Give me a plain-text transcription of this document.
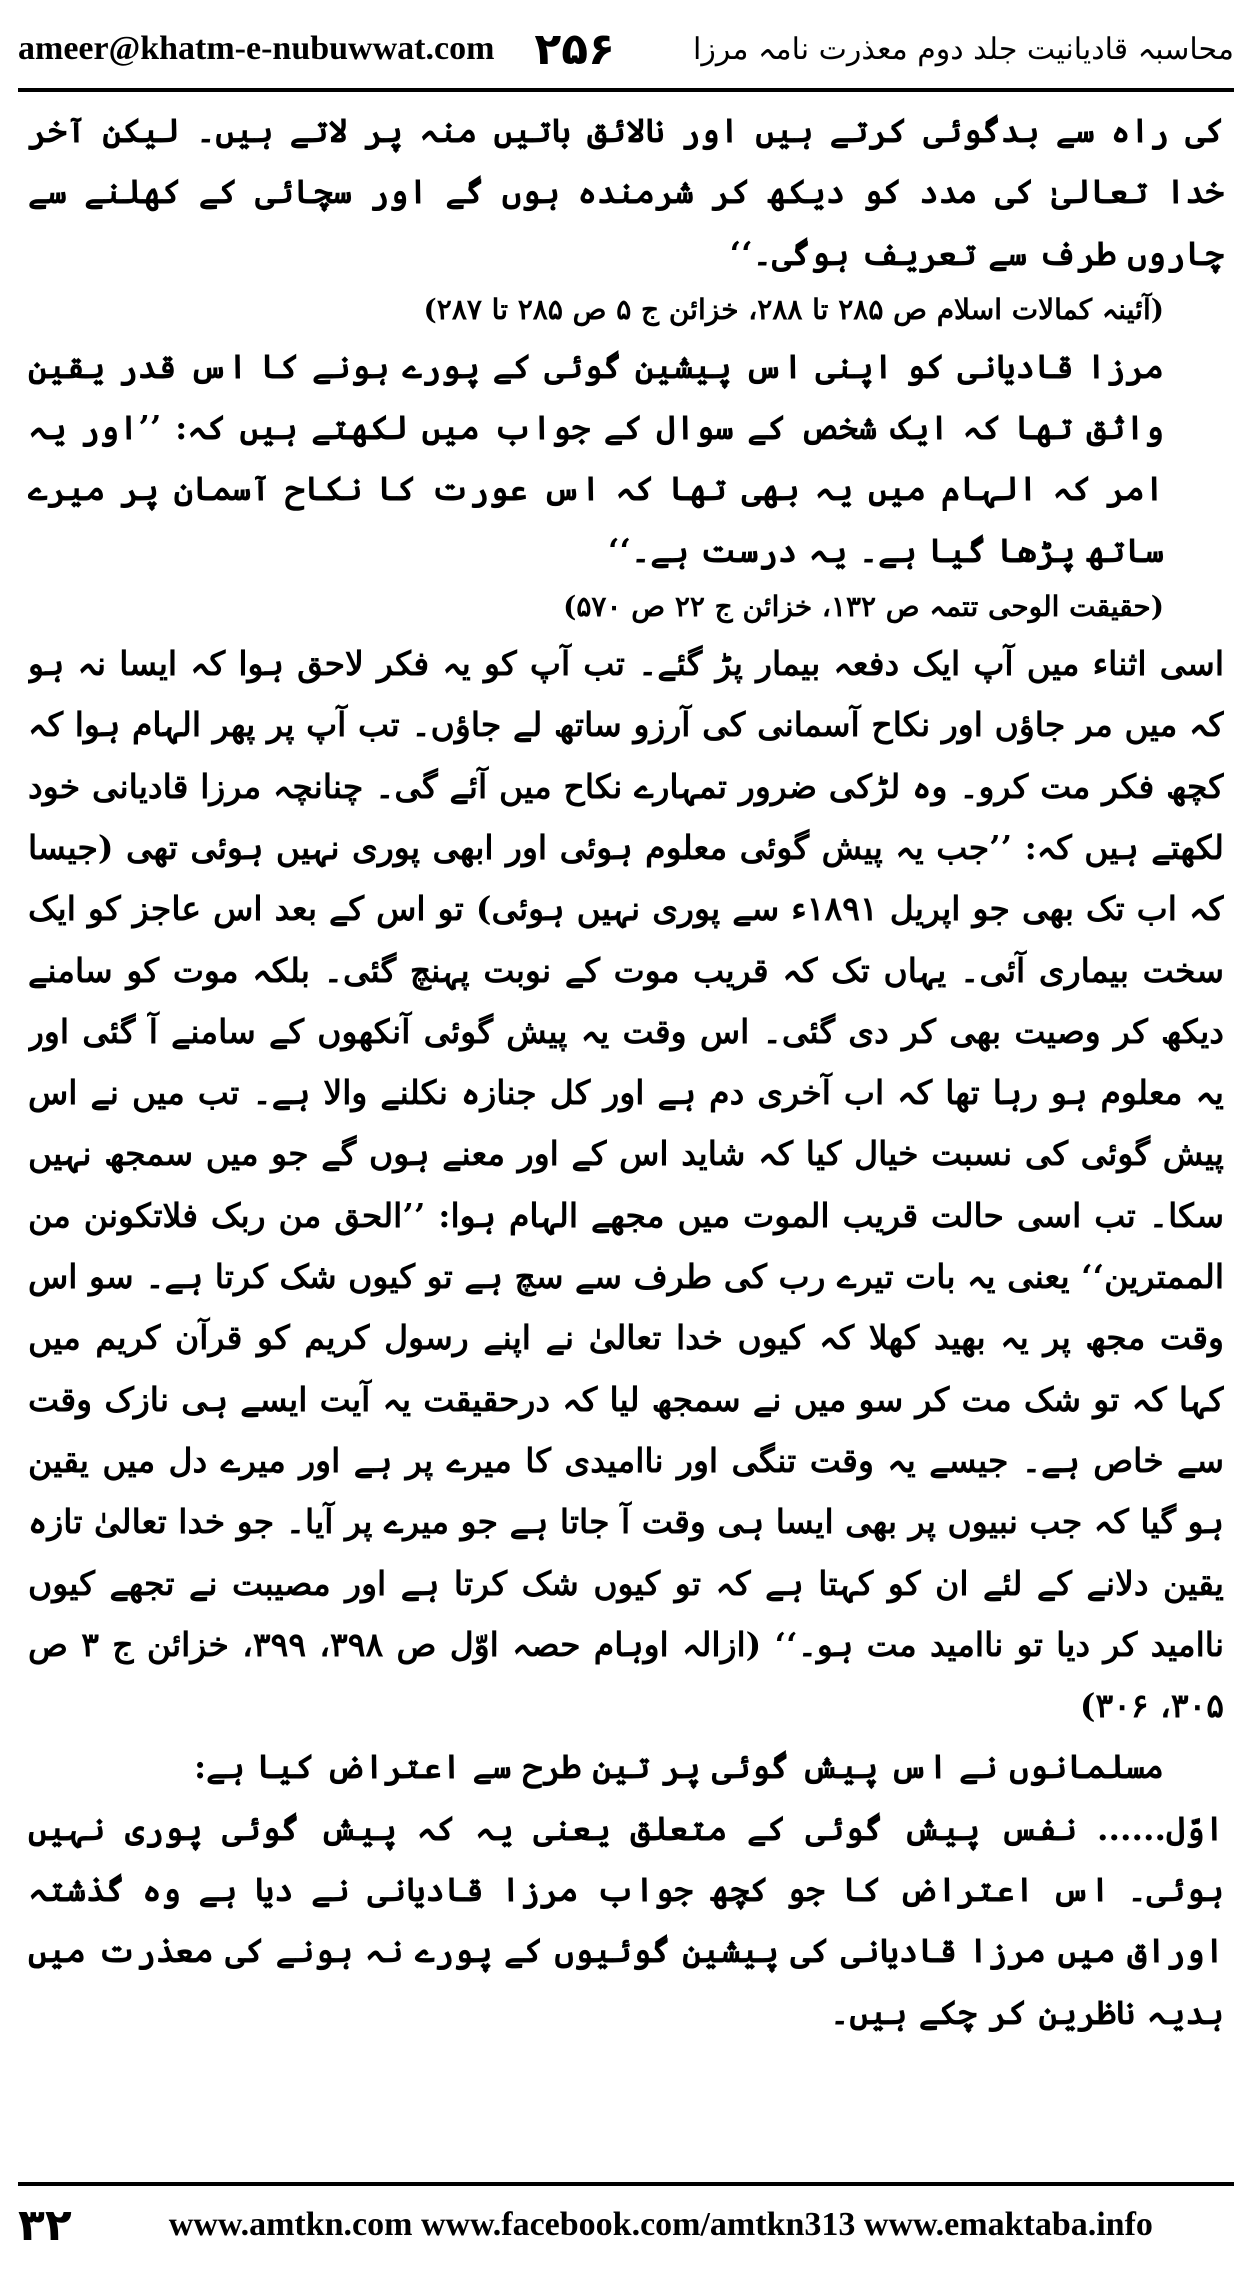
ameer@khatm-e-nubuwwat.com ۲۵۶	محاسبہ قادیانیت جلد دوم معذرت نامہ مرزا

کی راہ سے بدگوئی کرتے ہیں اور نالائق باتیں منہ پر لاتے ہیں۔ لیکن آخر خدا تعالیٰ کی مدد کو دیکھ کر شرمندہ ہوں گے اور سچائی کے کھلنے سے چاروں طرف سے تعریف ہوگی۔‘‘

(آئینہ کمالات اسلام ص ۲۸۵ تا ۲۸۸، خزائن ج ۵ ص ۲۸۵ تا ۲۸۷)

مرزا قادیانی کو اپنی اس پیشین گوئی کے پورے ہونے کا اس قدر یقین واثق تھا کہ ایک شخص کے سوال کے جواب میں لکھتے ہیں کہ: ’’اور یہ امر کہ الہام میں یہ بھی تھا کہ اس عورت کا نکاح آسمان پر میرے ساتھ پڑھا گیا ہے۔ یہ درست ہے۔‘‘

(حقیقت الوحی تتمہ ص ۱۳۲، خزائن ج ۲۲ ص ۵۷۰)

اسی اثناء میں آپ ایک دفعہ بیمار پڑ گئے۔ تب آپ کو یہ فکر لاحق ہوا کہ ایسا نہ ہو کہ میں مر جاؤں اور نکاح آسمانی کی آرزو ساتھ لے جاؤں۔ تب آپ پر پھر الہام ہوا کہ کچھ فکر مت کرو۔ وہ لڑکی ضرور تمہارے نکاح میں آئے گی۔ چنانچہ مرزا قادیانی خود لکھتے ہیں کہ: ’’جب یہ پیش گوئی معلوم ہوئی اور ابھی پوری نہیں ہوئی تھی (جیسا کہ اب تک بھی جو اپریل ۱۸۹۱ء سے پوری نہیں ہوئی) تو اس کے بعد اس عاجز کو ایک سخت بیماری آئی۔ یہاں تک کہ قریب موت کے نوبت پہنچ گئی۔ بلکہ موت کو سامنے دیکھ کر وصیت بھی کر دی گئی۔ اس وقت یہ پیش گوئی آنکھوں کے سامنے آ گئی اور یہ معلوم ہو رہا تھا کہ اب آخری دم ہے اور کل جنازہ نکلنے والا ہے۔ تب میں نے اس پیش گوئی کی نسبت خیال کیا کہ شاید اس کے اور معنے ہوں گے جو میں سمجھ نہیں سکا۔ تب اسی حالت قریب الموت میں مجھے الہام ہوا: ’’الحق من ربک فلاتکونن من الممترین‘‘ یعنی یہ بات تیرے رب کی طرف سے سچ ہے تو کیوں شک کرتا ہے۔ سو اس وقت مجھ پر یہ بھید کھلا کہ کیوں خدا تعالیٰ نے اپنے رسول کریم کو قرآن کریم میں کہا کہ تو شک مت کر سو میں نے سمجھ لیا کہ درحقیقت یہ آیت ایسے ہی نازک وقت سے خاص ہے۔ جیسے یہ وقت تنگی اور ناامیدی کا میرے پر ہے اور میرے دل میں یقین ہو گیا کہ جب نبیوں پر بھی ایسا ہی وقت آ جاتا ہے جو میرے پر آیا۔ جو خدا تعالیٰ تازہ یقین دلانے کے لئے ان کو کہتا ہے کہ تو کیوں شک کرتا ہے اور مصیبت نے تجھے کیوں ناامید کر دیا تو ناامید مت ہو۔‘‘ (ازالہ اوہام حصہ اوّل ص ۳۹۸، ۳۹۹، خزائن ج ۳ ص ۳۰۵، ۳۰۶)

مسلمانوں نے اس پیش گوئی پر تین طرح سے اعتراض کیا ہے:

اوّل...... نفس پیش گوئی کے متعلق یعنی یہ کہ پیش گوئی پوری نہیں ہوئی۔ اس اعتراض کا جو کچھ جواب مرزا قادیانی نے دیا ہے وہ گذشتہ اوراق میں مرزا قادیانی کی پیشین گوئیوں کے پورے نہ ہونے کی معذرت میں ہدیہ ناظرین کر چکے ہیں۔

۳۲	www.amtkn.com www.facebook.com/amtkn313 www.emaktaba.info
